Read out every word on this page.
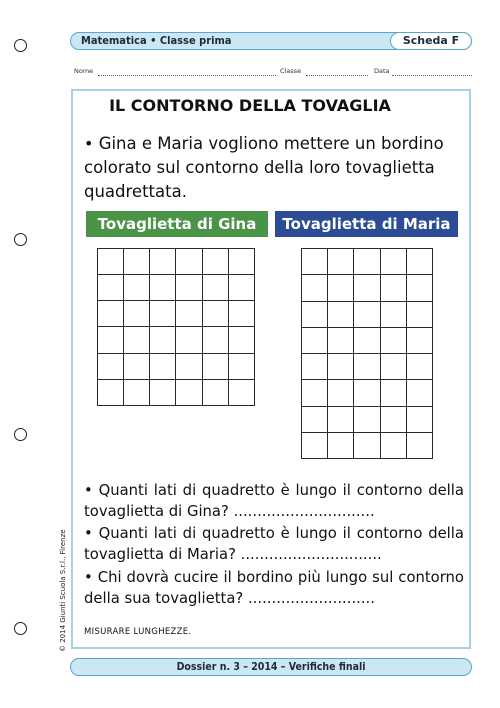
Matematica • Classe prima	Scheda F
Nome	Classe	Data
IL CONTORNO DELLA TOVAGLIA
• Gina e Maria vogliono mettere un bordino colorato sul contorno della loro tovaglietta quadrettata.
Tovaglietta di Gina	Tovaglietta di Maria
• Quanti lati di quadretto è lungo il contorno della tovaglietta di Gina? ..............................
• Quanti lati di quadretto è lungo il contorno della tovaglietta di Maria? ..............................
• Chi dovrà cucire il bordino più lungo sul contorno della sua tovaglietta? ...........................
MISURARE LUNGHEZZE.
© 2014 Giunti Scuola S.r.l., Firenze
Dossier n. 3 – 2014 – Verifiche finali
